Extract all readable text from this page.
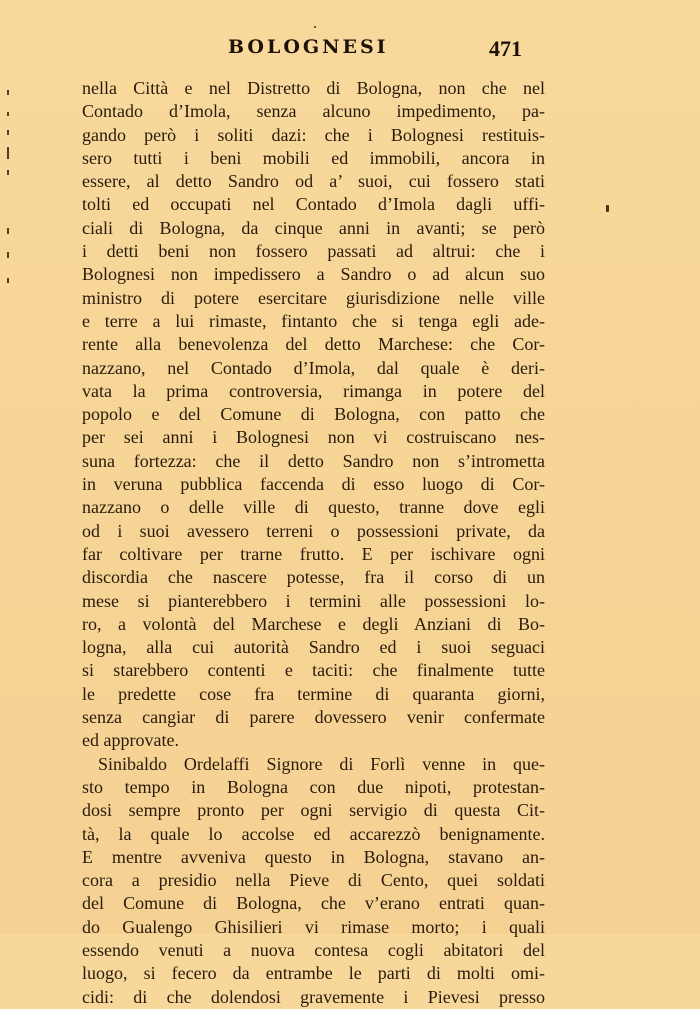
BOLOGNESI	471
nella Città e nel Distretto di Bologna, non che nel
Contado d’Imola, senza alcuno impedimento, pa-
gando però i soliti dazi: che i Bolognesi restituis-
sero tutti i beni mobili ed immobili, ancora in
essere, al detto Sandro od a’ suoi, cui fossero stati
tolti ed occupati nel Contado d’Imola dagli uffi-
ciali di Bologna, da cinque anni in avanti; se però
i detti beni non fossero passati ad altrui: che i
Bolognesi non impedissero a Sandro o ad alcun suo
ministro di potere esercitare giurisdizione nelle ville
e terre a lui rimaste, fintanto che si tenga egli ade-
rente alla benevolenza del detto Marchese: che Cor-
nazzano, nel Contado d’Imola, dal quale è deri-
vata la prima controversia, rimanga in potere del
popolo e del Comune di Bologna, con patto che
per sei anni i Bolognesi non vi costruiscano nes-
suna fortezza: che il detto Sandro non s’intrometta
in veruna pubblica faccenda di esso luogo di Cor-
nazzano o delle ville di questo, tranne dove egli
od i suoi avessero terreni o possessioni private, da
far coltivare per trarne frutto. E per ischivare ogni
discordia che nascere potesse, fra il corso di un
mese si pianterebbero i termini alle possessioni lo-
ro, a volontà del Marchese e degli Anziani di Bo-
logna, alla cui autorità Sandro ed i suoi seguaci
si starebbero contenti e taciti: che finalmente tutte
le predette cose fra termine di quaranta giorni,
senza cangiar di parere dovessero venir confermate
ed approvate.
Sinibaldo Ordelaffi Signore di Forlì venne in que-
sto tempo in Bologna con due nipoti, protestan-
dosi sempre pronto per ogni servigio di questa Cit-
tà, la quale lo accolse ed accarezzò benignamente.
E mentre avveniva questo in Bologna, stavano an-
cora a presidio nella Pieve di Cento, quei soldati
del Comune di Bologna, che v’erano entrati quan-
do Gualengo Ghisilieri vi rimase morto; i quali
essendo venuti a nuova contesa cogli abitatori del
luogo, si fecero da entrambe le parti di molti omi-
cidi: di che dolendosi gravemente i Pievesi presso
